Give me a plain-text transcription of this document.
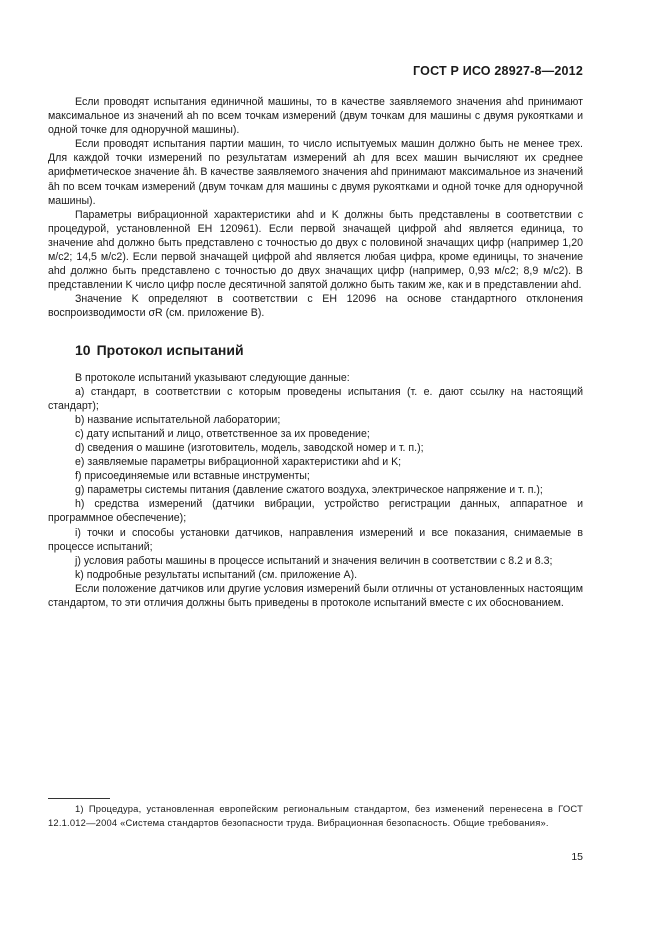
ГОСТ Р ИСО 28927-8—2012

Если проводят испытания единичной машины, то в качестве заявляемого значения ahd принимают максимальное из значений ah по всем точкам измерений (двум точкам для машины с двумя рукоятками и одной точке для одноручной машины).

Если проводят испытания партии машин, то число испытуемых машин должно быть не менее трех. Для каждой точки измерений по результатам измерений ah для всех машин вычисляют их среднее арифметическое значение ā̄h. В качестве заявляемого значения ahd принимают максимальное из значений ā̄h по всем точкам измерений (двум точкам для машины с двумя рукоятками и одной точке для одноручной машины).

Параметры вибрационной характеристики ahd и K должны быть представлены в соответствии с процедурой, установленной ЕН 120961). Если первой значащей цифрой ahd является единица, то значение ahd должно быть представлено с точностью до двух с половиной значащих цифр (например 1,20 м/с2; 14,5 м/с2). Если первой значащей цифрой ahd является любая цифра, кроме единицы, то значение ahd должно быть представлено с точностью до двух значащих цифр (например, 0,93 м/с2; 8,9 м/с2). В представлении K число цифр после десятичной запятой должно быть таким же, как и в представлении ahd.

Значение K определяют в соответствии с ЕН 12096 на основе стандартного отклонения воспроизводимости σR (см. приложение В).

10 Протокол испытаний

В протоколе испытаний указывают следующие данные:

a) стандарт, в соответствии с которым проведены испытания (т. е. дают ссылку на настоящий стандарт);

b) название испытательной лаборатории;

c) дату испытаний и лицо, ответственное за их проведение;

d) сведения о машине (изготовитель, модель, заводской номер и т. п.);

e) заявляемые параметры вибрационной характеристики ahd и K;

f) присоединяемые или вставные инструменты;

g) параметры системы питания (давление сжатого воздуха, электрическое напряжение и т. п.);

h) средства измерений (датчики вибрации, устройство регистрации данных, аппаратное и программное обеспечение);

i) точки и способы установки датчиков, направления измерений и все показания, снимаемые в процессе испытаний;

j) условия работы машины в процессе испытаний и значения величин в соответствии с 8.2 и 8.3;

k) подробные результаты испытаний (см. приложение А).

Если положение датчиков или другие условия измерений были отличны от установленных настоящим стандартом, то эти отличия должны быть приведены в протоколе испытаний вместе с их обоснованием.

1) Процедура, установленная европейским региональным стандартом, без изменений перенесена в ГОСТ 12.1.012—2004 «Система стандартов безопасности труда. Вибрационная безопасность. Общие требования».
15
